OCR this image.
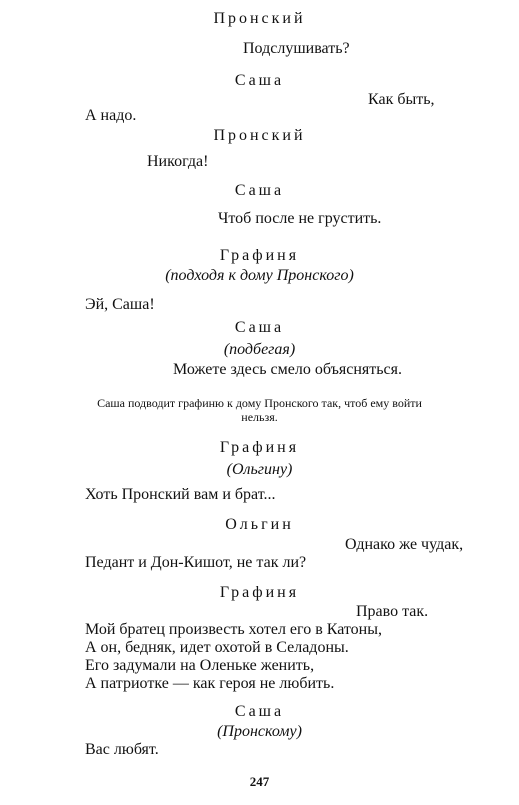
Пронский
Подслушивать?
Саша
Как быть,
А надо.
Пронский
Никогда!
Саша
Чтоб после не грустить.
Графиня
(подходя к дому Пронского)
Эй, Саша!
Саша
(подбегая)
Можете здесь смело объясняться.
Саша подводит графиню к дому Пронского так, чтоб ему войти
нельзя.
Графиня
(Ольгину)
Хоть Пронский вам и брат...
Ольгин
Однако же чудак,
Педант и Дон-Кишот, не так ли?
Графиня
Право так.
Мой братец произвесть хотел его в Катоны,
А он, бедняк, идет охотой в Селадоны.
Его задумали на Оленьке женить,
А патриотке — как героя не любить.
Саша
(Пронскому)
Вас любят.
247
